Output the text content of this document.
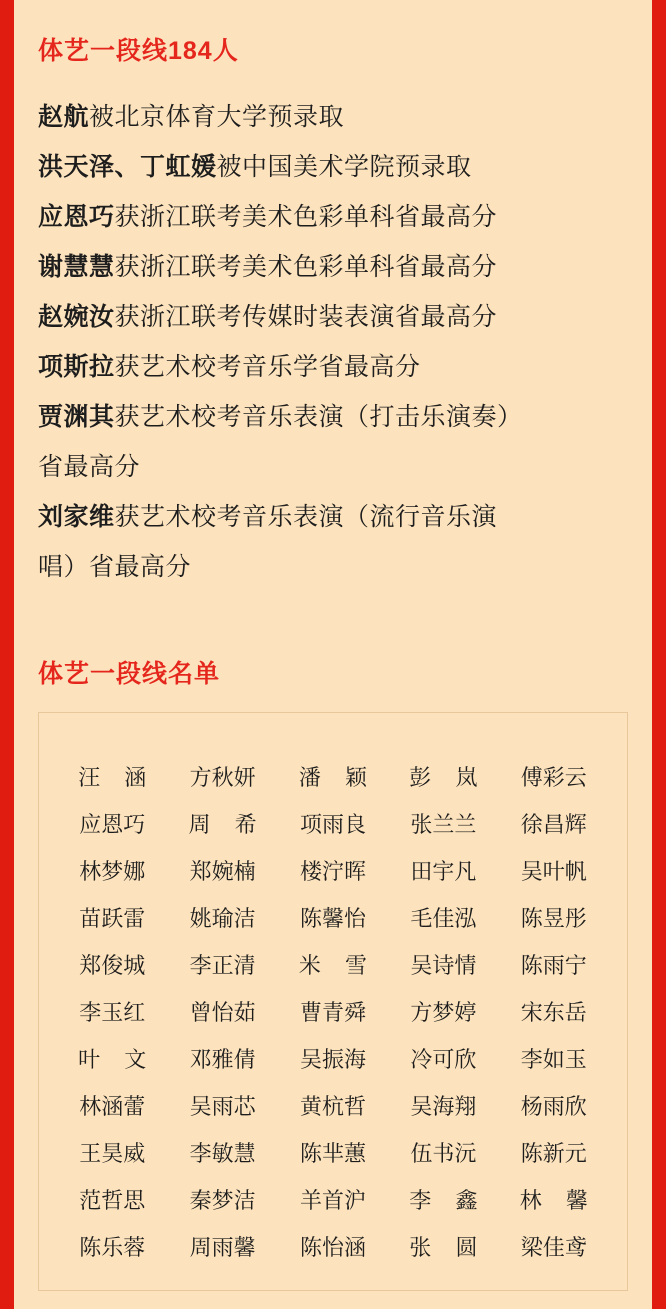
体艺一段线184人

赵航被北京体育大学预录取

洪天泽、丁虹媛被中国美术学院预录取

应恩巧获浙江联考美术色彩单科省最高分

谢慧慧获浙江联考美术色彩单科省最高分

赵婉汝获浙江联考传媒时装表演省最高分

项斯拉获艺术校考音乐学省最高分

贾渊其获艺术校考音乐表演（打击乐演奏）

省最高分

刘家维获艺术校考音乐表演（流行音乐演

唱）省最高分

体艺一段线名单
汪涵	方秋妍	潘颖	彭岚	傅彩云
应恩巧	周希	项雨良	张兰兰	徐昌辉
林梦娜	郑婉楠	楼泞晖	田宇凡	吴叶帆
苗跃雷	姚瑜洁	陈馨怡	毛佳泓	陈昱彤
郑俊城	李正清	米雪	吴诗情	陈雨宁
李玉红	曾怡茹	曹青舜	方梦婷	宋东岳
叶文	邓雅倩	吴振海	冷可欣	李如玉
林涵蕾	吴雨芯	黄杭哲	吴海翔	杨雨欣
王昊威	李敏慧	陈芈蕙	伍书沅	陈新元
范哲思	秦梦洁	羊首沪	李鑫	林馨
陈乐蓉	周雨馨	陈怡涵	张圆	梁佳鸢
